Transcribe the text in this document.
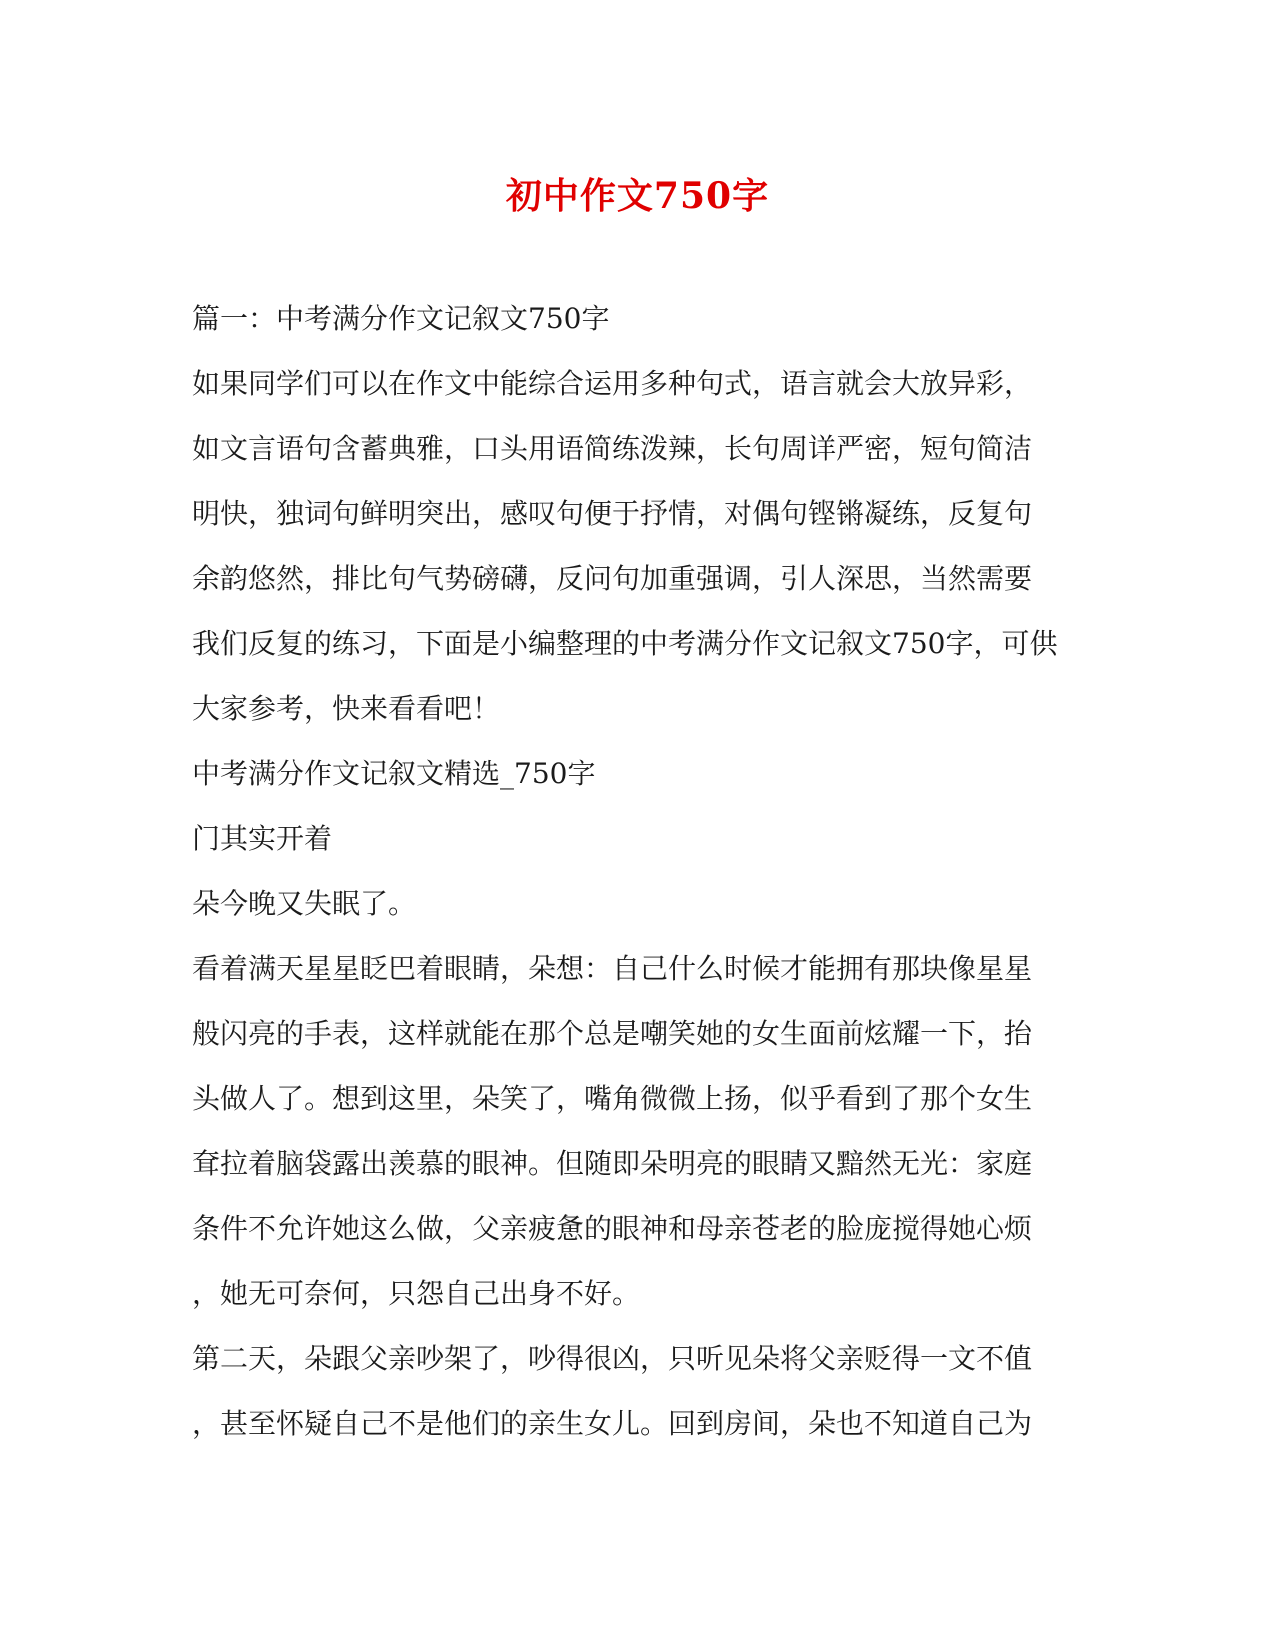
初中作文750字
篇一：中考满分作文记叙文750字
如果同学们可以在作文中能综合运用多种句式，语言就会大放异彩，
如文言语句含蓄典雅，口头用语简练泼辣，长句周详严密，短句简洁
明快，独词句鲜明突出，感叹句便于抒情，对偶句铿锵凝练，反复句
余韵悠然，排比句气势磅礴，反问句加重强调，引人深思，当然需要
我们反复的练习，下面是小编整理的中考满分作文记叙文750字，可供
大家参考，快来看看吧！
中考满分作文记叙文精选_750字
门其实开着
朵今晚又失眠了。
看着满天星星眨巴着眼睛，朵想：自己什么时候才能拥有那块像星星
般闪亮的手表，这样就能在那个总是嘲笑她的女生面前炫耀一下，抬
头做人了。想到这里，朵笑了，嘴角微微上扬，似乎看到了那个女生
耷拉着脑袋露出羡慕的眼神。但随即朵明亮的眼睛又黯然无光：家庭
条件不允许她这么做，父亲疲惫的眼神和母亲苍老的脸庞搅得她心烦
，她无可奈何，只怨自己出身不好。
第二天，朵跟父亲吵架了，吵得很凶，只听见朵将父亲贬得一文不值
，甚至怀疑自己不是他们的亲生女儿。回到房间，朵也不知道自己为
